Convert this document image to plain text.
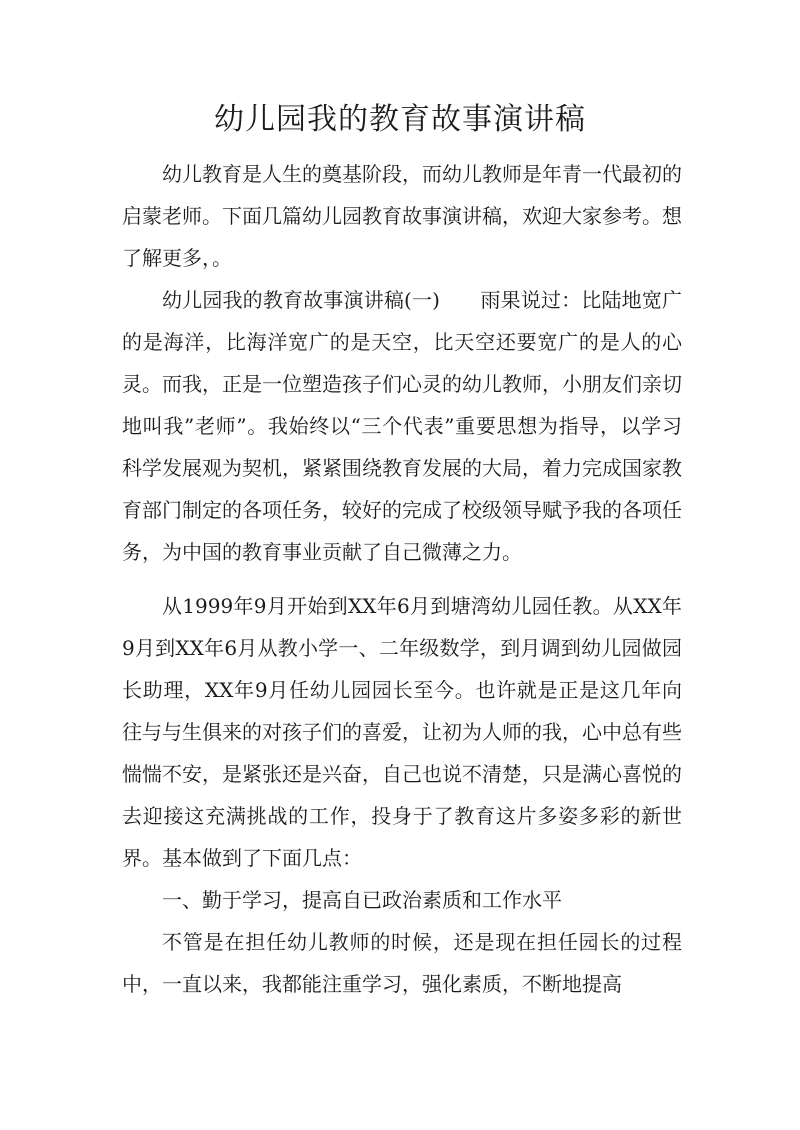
幼儿园我的教育故事演讲稿

幼儿教育是人生的奠基阶段，而幼儿教师是年青一代最初的启蒙老师。下面几篇幼儿园教育故事演讲稿，欢迎大家参考。想了解更多，。

幼儿园我的教育故事演讲稿(一)　　雨果说过：比陆地宽广的是海洋，比海洋宽广的是天空，比天空还要宽广的是人的心灵。而我，正是一位塑造孩子们心灵的幼儿教师，小朋友们亲切地叫我”老师”。我始终以“三个代表”重要思想为指导，以学习科学发展观为契机，紧紧围绕教育发展的大局，着力完成国家教育部门制定的各项任务，较好的完成了校级领导赋予我的各项任务，为中国的教育事业贡献了自己微薄之力。

从1999年9月开始到XX年6月到塘湾幼儿园任教。从XX年9月到XX年6月从教小学一、二年级数学，到月调到幼儿园做园长助理，XX年9月任幼儿园园长至今。也许就是正是这几年向往与与生俱来的对孩子们的喜爱，让初为人师的我，心中总有些惴惴不安，是紧张还是兴奋，自己也说不清楚，只是满心喜悦的去迎接这充满挑战的工作，投身于了教育这片多姿多彩的新世界。基本做到了下面几点：

一、勤于学习，提高自已政治素质和工作水平

不管是在担任幼儿教师的时候，还是现在担任园长的过程中，一直以来，我都能注重学习，强化素质，不断地提高
